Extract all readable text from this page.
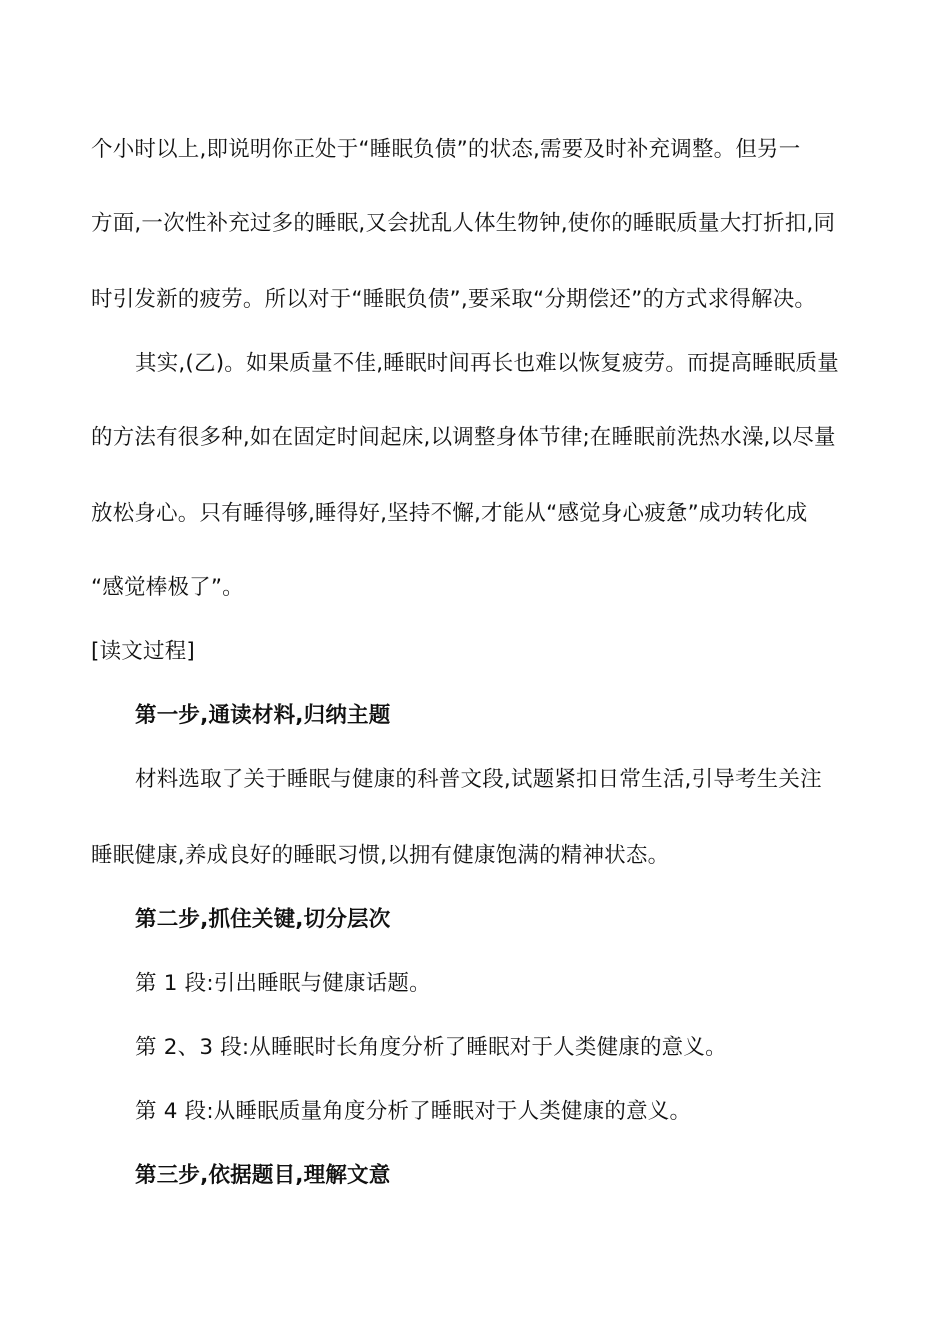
个小时以上,即说明你正处于“睡眠负债”的状态,需要及时补充调整。但另一
方面,一次性补充过多的睡眠,又会扰乱人体生物钟,使你的睡眠质量大打折扣,同
时引发新的疲劳。所以对于“睡眠负债”,要采取“分期偿还”的方式求得解决。
其实,(乙)。如果质量不佳,睡眠时间再长也难以恢复疲劳。而提高睡眠质量
的方法有很多种,如在固定时间起床,以调整身体节律;在睡眠前洗热水澡,以尽量
放松身心。只有睡得够,睡得好,坚持不懈,才能从“感觉身心疲惫”成功转化成
“感觉棒极了”。
[读文过程]
第一步,通读材料,归纳主题
材料选取了关于睡眠与健康的科普文段,试题紧扣日常生活,引导考生关注
睡眠健康,养成良好的睡眠习惯,以拥有健康饱满的精神状态。
第二步,抓住关键,切分层次
第 1 段:引出睡眠与健康话题。
第 2、3 段:从睡眠时长角度分析了睡眠对于人类健康的意义。
第 4 段:从睡眠质量角度分析了睡眠对于人类健康的意义。
第三步,依据题目,理解文意
